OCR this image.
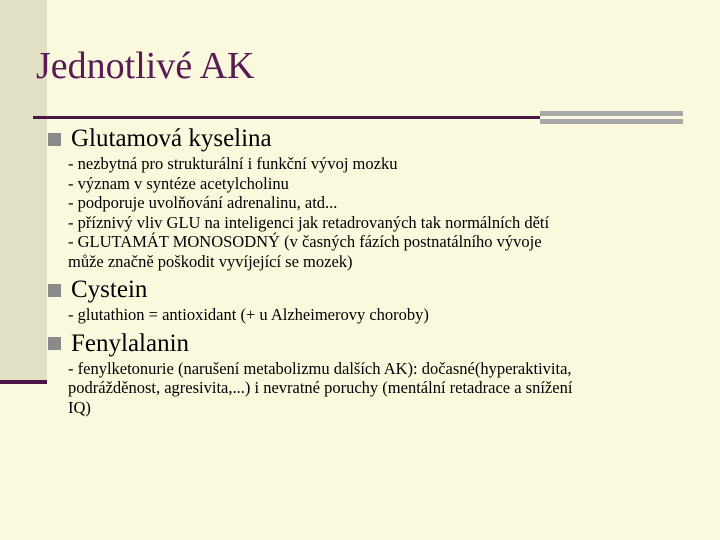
Jednotlivé AK
Glutamová kyselina
- nezbytná pro strukturální i funkční vývoj mozku
- význam v syntéze acetylcholinu
- podporuje uvolňování adrenalinu, atd...
- příznivý vliv GLU na inteligenci jak retadrovaných tak normálních dětí
- GLUTAMÁT MONOSODNÝ (v časných fázích postnatálního vývoje
může značně poškodit vyvíjející se mozek)
Cystein
- glutathion = antioxidant (+ u Alzheimerovy choroby)
Fenylalanin
- fenylketonurie (narušení metabolizmu dalších AK): dočasné(hyperaktivita,
podrážděnost, agresivita,...) i nevratné poruchy (mentální retadrace a snížení
IQ)
